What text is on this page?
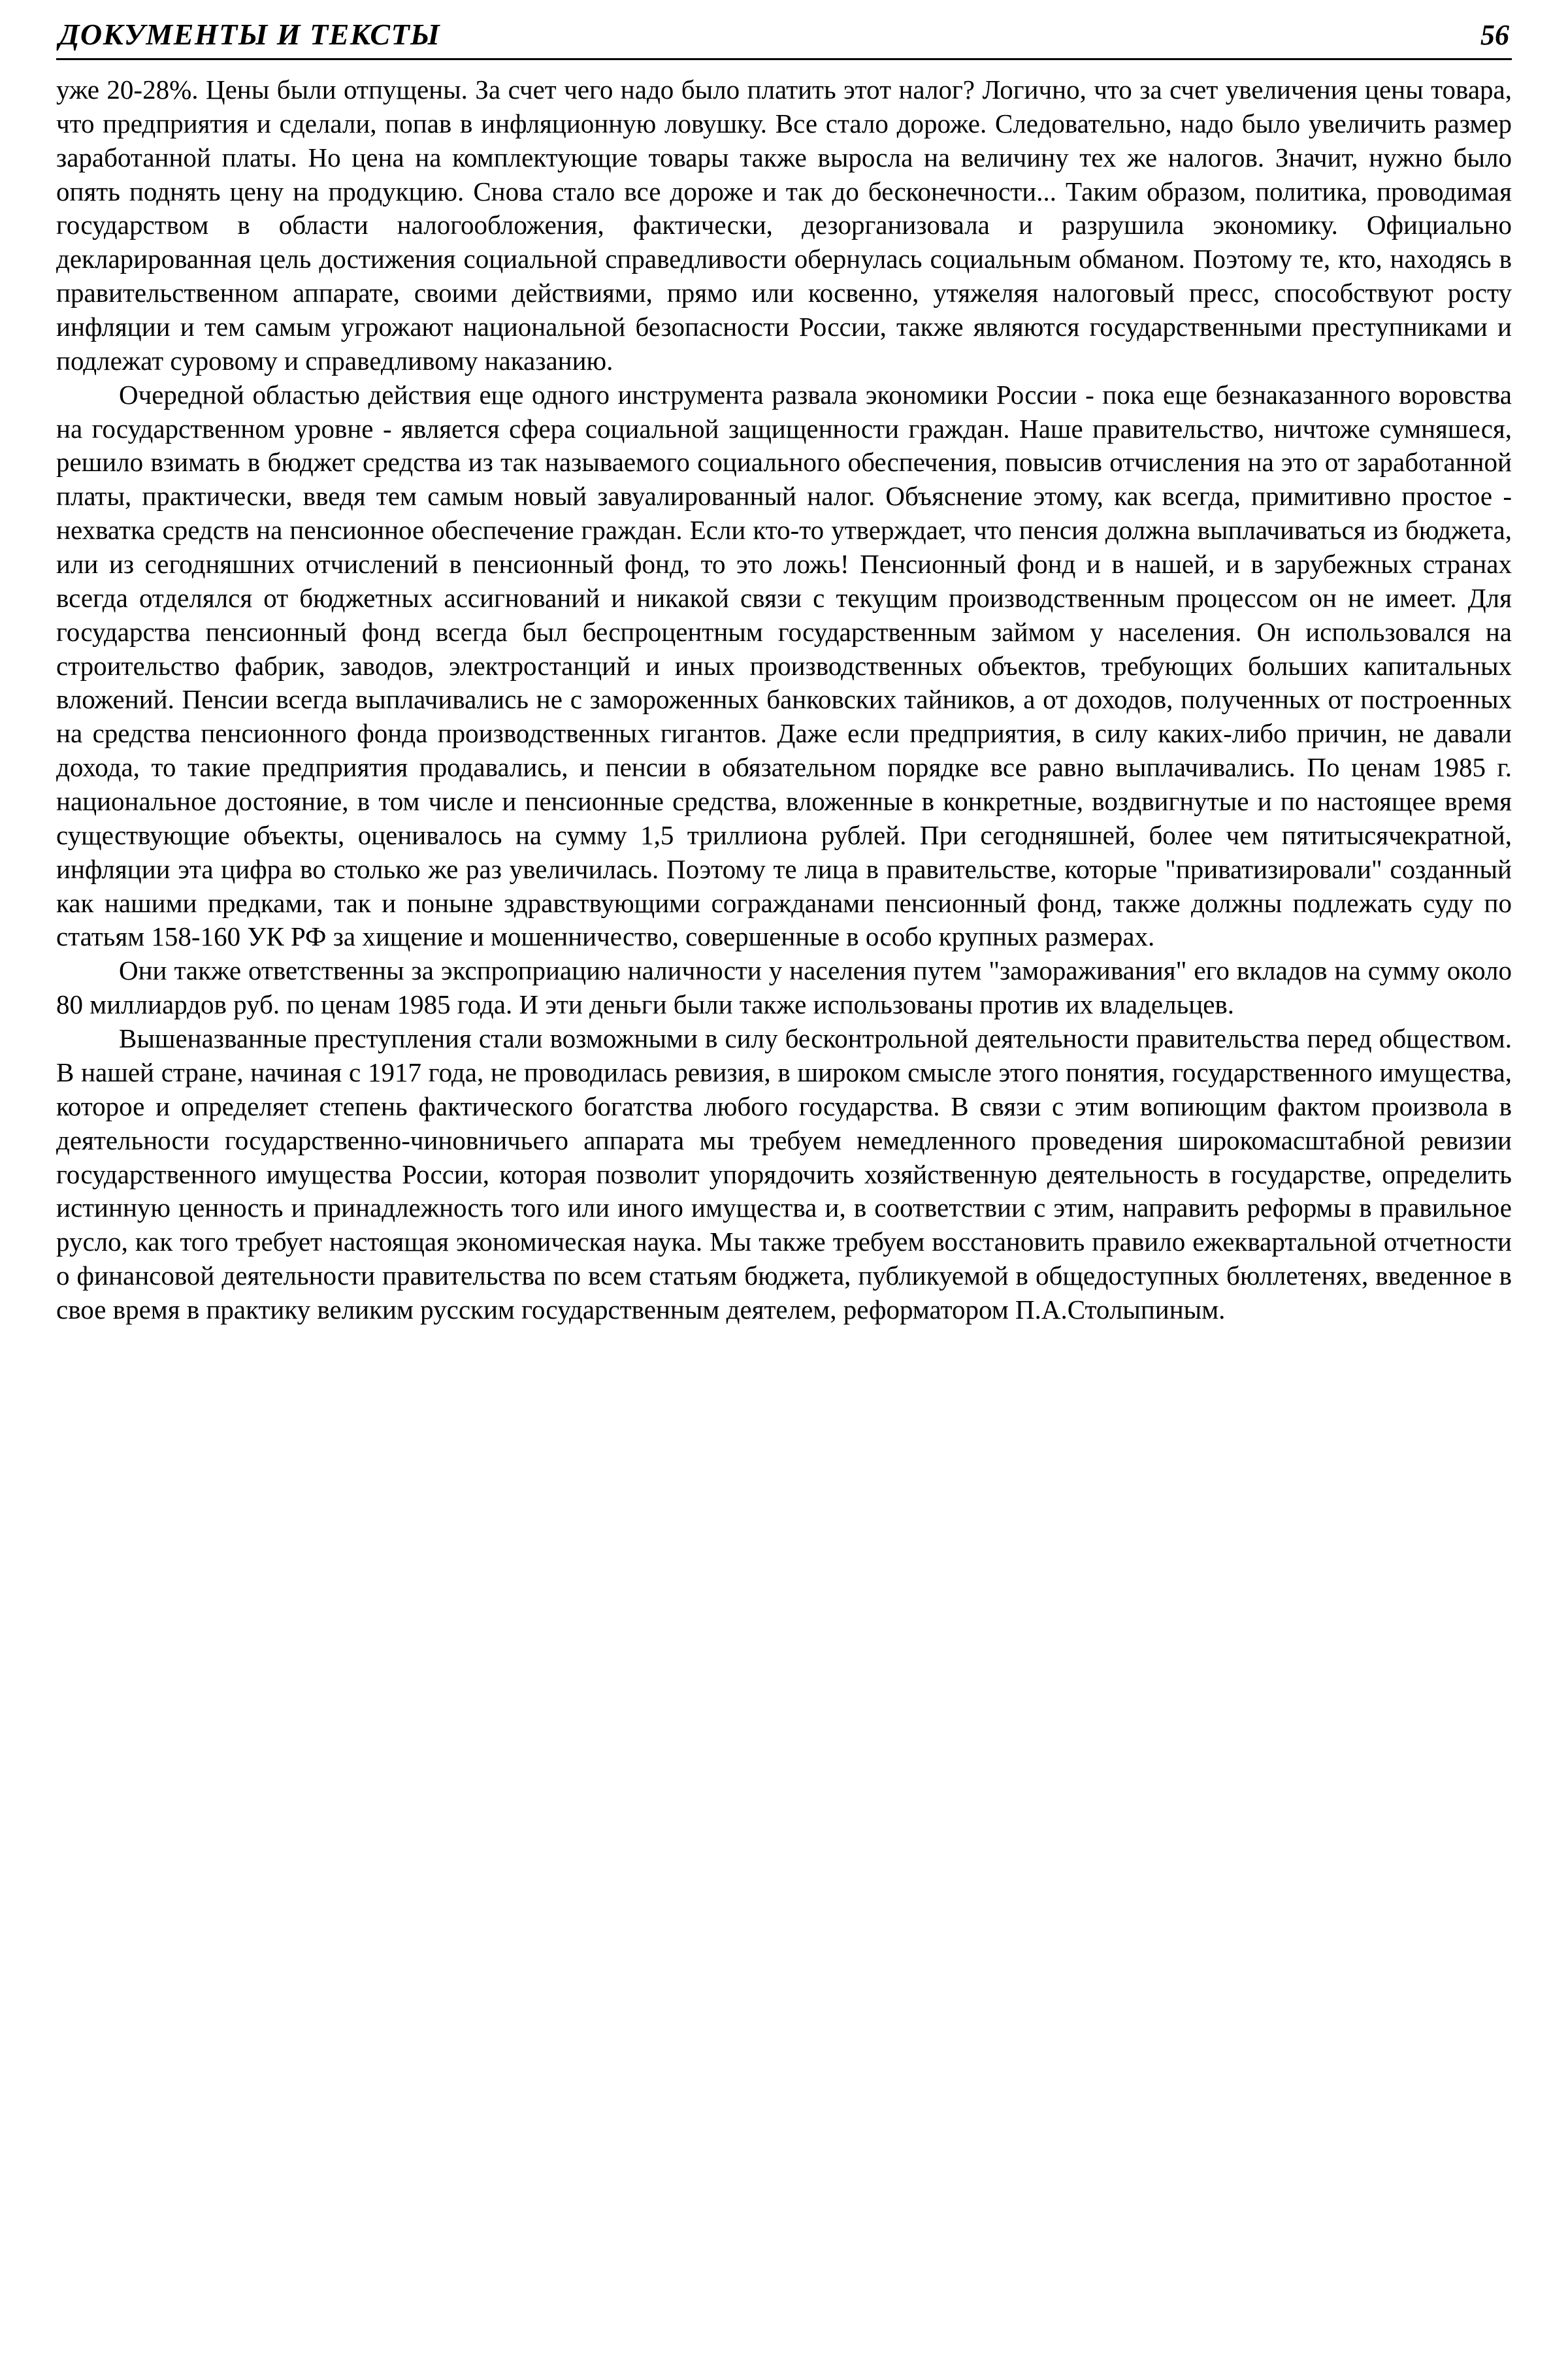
ДОКУМЕНТЫ И ТЕКСТЫ	56

уже 20-28%. Цены были отпущены. За счет чего надо было платить этот налог? Логично, что за счет увеличения цены товара, что предприятия и сделали, попав в инфляционную ловушку. Все стало дороже. Следовательно, надо было увеличить размер заработанной платы. Но цена на комплектующие товары также выросла на величину тех же налогов. Значит, нужно было опять поднять цену на продукцию. Снова стало все дороже и так до бесконечности... Таким образом, политика, проводимая государством в области налогообложения, фактически, дезорганизовала и разрушила экономику. Официально декларированная цель достижения социальной справедливости обернулась социальным обманом. Поэтому те, кто, находясь в правительственном аппарате, своими действиями, прямо или косвенно, утяжеляя налоговый пресс, способствуют росту инфляции и тем самым угрожают национальной безопасности России, также являются государственными преступниками и подлежат суровому и справедливому наказанию.

Очередной областью действия еще одного инструмента развала экономики России - пока еще безнаказанного воровства на государственном уровне - является сфера социальной защищенности граждан. Наше правительство, ничтоже сумняшеся, решило взимать в бюджет средства из так называемого социального обеспечения, повысив отчисления на это от заработанной платы, практически, введя тем самым новый завуалированный налог. Объяснение этому, как всегда, примитивно простое - нехватка средств на пенсионное обеспечение граждан. Если кто-то утверждает, что пенсия должна выплачиваться из бюджета, или из сегодняшних отчислений в пенсионный фонд, то это ложь! Пенсионный фонд и в нашей, и в зарубежных странах всегда отделялся от бюджетных ассигнований и никакой связи с текущим производственным процессом он не имеет. Для государства пенсионный фонд всегда был беспроцентным государственным займом у населения. Он использовался на строительство фабрик, заводов, электростанций и иных производственных объектов, требующих больших капитальных вложений. Пенсии всегда выплачивались не с замороженных банковских тайников, а от доходов, полученных от построенных на средства пенсионного фонда производственных гигантов. Даже если предприятия, в силу каких-либо причин, не давали дохода, то такие предприятия продавались, и пенсии в обязательном порядке все равно выплачивались. По ценам 1985 г. национальное достояние, в том числе и пенсионные средства, вложенные в конкретные, воздвигнутые и по настоящее время существующие объекты, оценивалось на сумму 1,5 триллиона рублей. При сегодняшней, более чем пятитысячекратной, инфляции эта цифра во столько же раз увеличилась. Поэтому те лица в правительстве, которые "приватизировали" созданный как нашими предками, так и поныне здравствующими согражданами пенсионный фонд, также должны подлежать суду по статьям 158-160 УК РФ за хищение и мошенничество, совершенные в особо крупных размерах.

Они также ответственны за экспроприацию наличности у населения путем "замораживания" его вкладов на сумму около 80 миллиардов руб. по ценам 1985 года. И эти деньги были также использованы против их владельцев.

Вышеназванные преступления стали возможными в силу бесконтрольной деятельности правительства перед обществом. В нашей стране, начиная с 1917 года, не проводилась ревизия, в широком смысле этого понятия, государственного имущества, которое и определяет степень фактического богатства любого государства. В связи с этим вопиющим фактом произвола в деятельности государственно-чиновничьего аппарата мы требуем немедленного проведения широкомасштабной ревизии государственного имущества России, которая позволит упорядочить хозяйственную деятельность в государстве, определить истинную ценность и принадлежность того или иного имущества и, в соответствии с этим, направить реформы в правильное русло, как того требует настоящая экономическая наука. Мы также требуем восстановить правило ежеквартальной отчетности о финансовой деятельности правительства по всем статьям бюджета, публикуемой в общедоступных бюллетенях, введенное в свое время в практику великим русским государственным деятелем, реформатором П.А.Столыпиным.
